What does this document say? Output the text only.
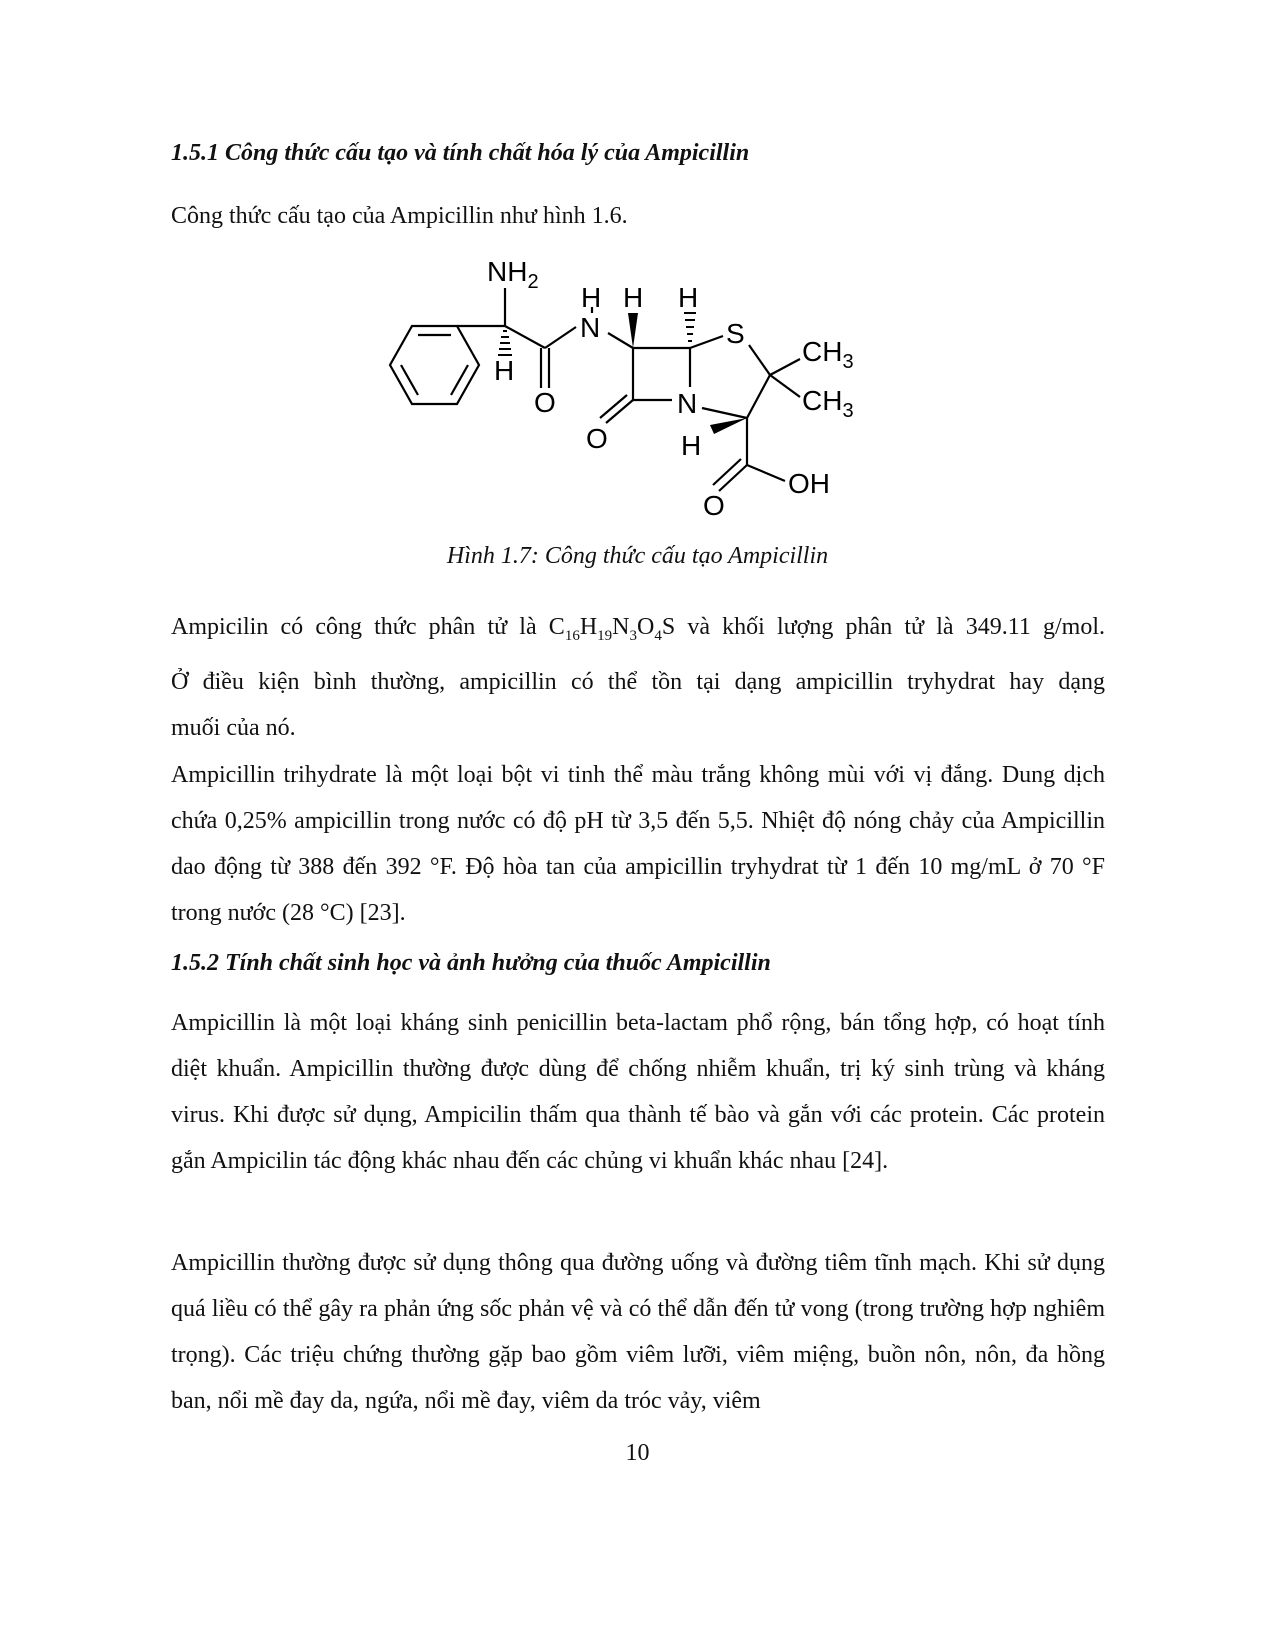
1.5.1 Công thức cấu tạo và tính chất hóa lý của Ampicillin

Công thức cấu tạo của Ampicillin như hình 1.6.

$NH_2$
H
O
H
N
H H
S
$CH_3$
$CH_3$
N
O	H
OH
O
Hình 1.7: Công thức cấu tạo Ampicillin
Ampicilin có công thức phân tử là $C_{16}H_{19}N_3O_4S$ và khối lượng phân tử là 349.11 g/mol.
Ở điều kiện bình thường, ampicillin có thể tồn tại dạng ampicillin tryhydrat hay dạng
muối của nó.

Ampicillin trihydrate là một loại bột vi tinh thể màu trắng không mùi với vị đắng. Dung dịch chứa 0,25% ampicillin trong nước có độ pH từ 3,5 đến 5,5. Nhiệt độ nóng chảy của Ampicillin dao động từ 388 đến 392 °F. Độ hòa tan của ampicillin tryhydrat từ 1 đến 10 mg/mL ở 70 °F trong nước (28 °C) [23].

1.5.2 Tính chất sinh học và ảnh hưởng của thuốc Ampicillin

Ampicillin là một loại kháng sinh penicillin beta-lactam phổ rộng, bán tổng hợp, có hoạt tính diệt khuẩn. Ampicillin thường được dùng để chống nhiễm khuẩn, trị ký sinh trùng và kháng virus. Khi được sử dụng, Ampicilin thấm qua thành tế bào và gắn với các protein. Các protein gắn Ampicilin tác động khác nhau đến các chủng vi khuẩn khác nhau [24].

Ampicillin thường được sử dụng thông qua đường uống và đường tiêm tĩnh mạch. Khi sử dụng quá liều có thể gây ra phản ứng sốc phản vệ và có thể dẫn đến tử vong (trong trường hợp nghiêm trọng). Các triệu chứng thường gặp bao gồm viêm lưỡi, viêm miệng, buồn nôn, nôn, đa hồng ban, nổi mề đay da, ngứa, nổi mề đay, viêm da tróc vảy, viêm

10
